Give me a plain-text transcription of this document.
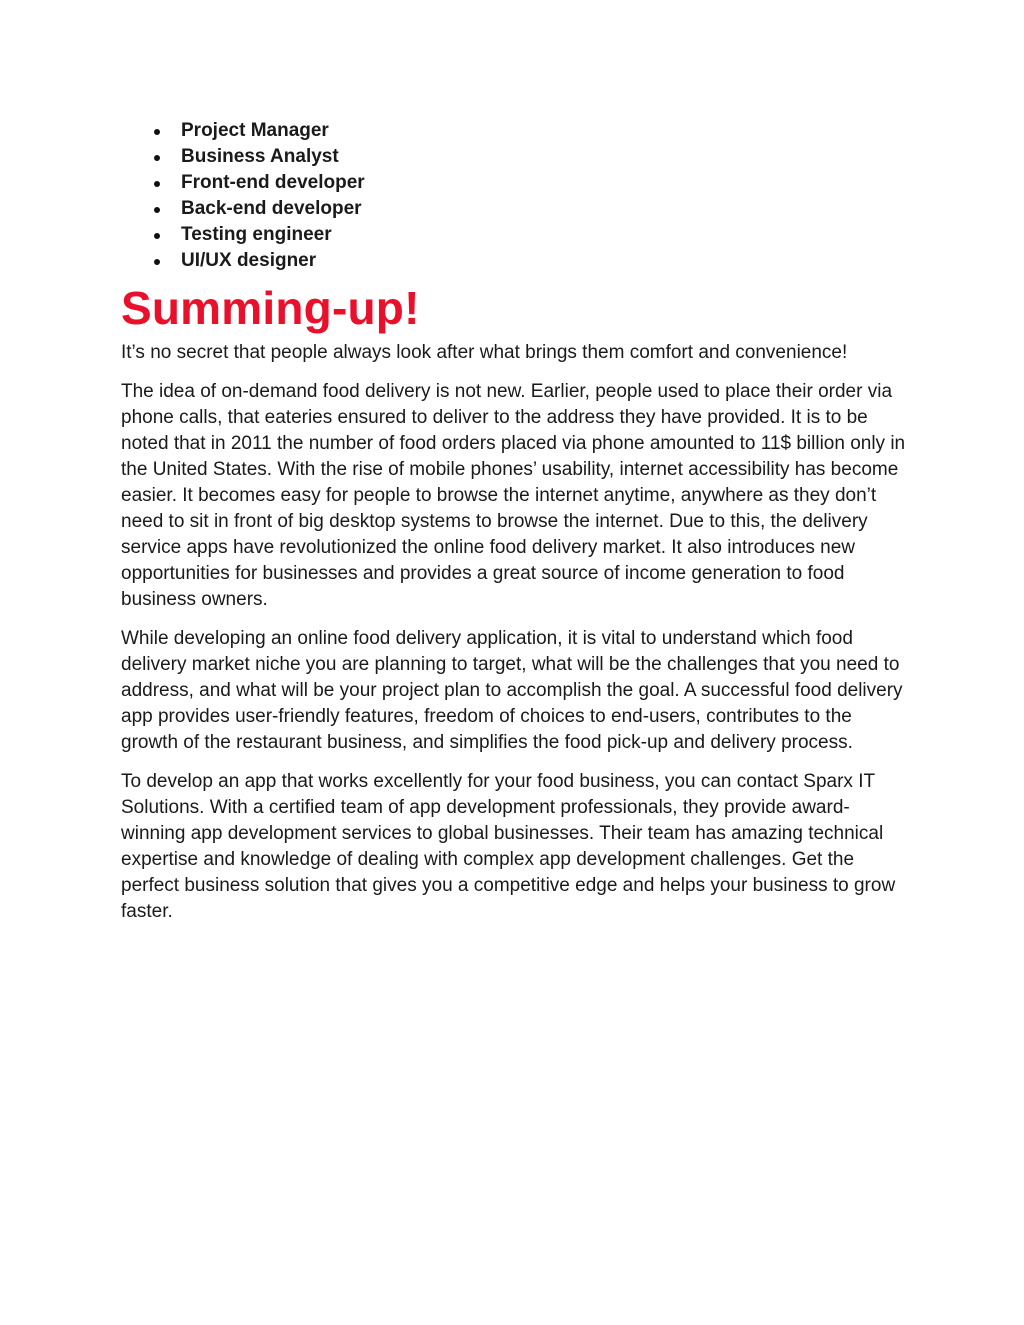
Project Manager
Business Analyst
Front-end developer
Back-end developer
Testing engineer
UI/UX designer
Summing-up!

It’s no secret that people always look after what brings them comfort and convenience!

The idea of on-demand food delivery is not new. Earlier, people used to place their order via phone calls, that eateries ensured to deliver to the address they have provided. It is to be noted that in 2011 the number of food orders placed via phone amounted to 11$ billion only in the United States. With the rise of mobile phones’ usability, internet accessibility has become easier. It becomes easy for people to browse the internet anytime, anywhere as they don’t need to sit in front of big desktop systems to browse the internet. Due to this, the delivery service apps have revolutionized the online food delivery market. It also introduces new opportunities for businesses and provides a great source of income generation to food business owners.

While developing an online food delivery application, it is vital to understand which food delivery market niche you are planning to target, what will be the challenges that you need to address, and what will be your project plan to accomplish the goal. A successful food delivery app provides user-friendly features, freedom of choices to end-users, contributes to the growth of the restaurant business, and simplifies the food pick-up and delivery process.

To develop an app that works excellently for your food business, you can contact Sparx IT Solutions. With a certified team of app development professionals, they provide award-winning app development services to global businesses. Their team has amazing technical expertise and knowledge of dealing with complex app development challenges. Get the perfect business solution that gives you a competitive edge and helps your business to grow faster.
